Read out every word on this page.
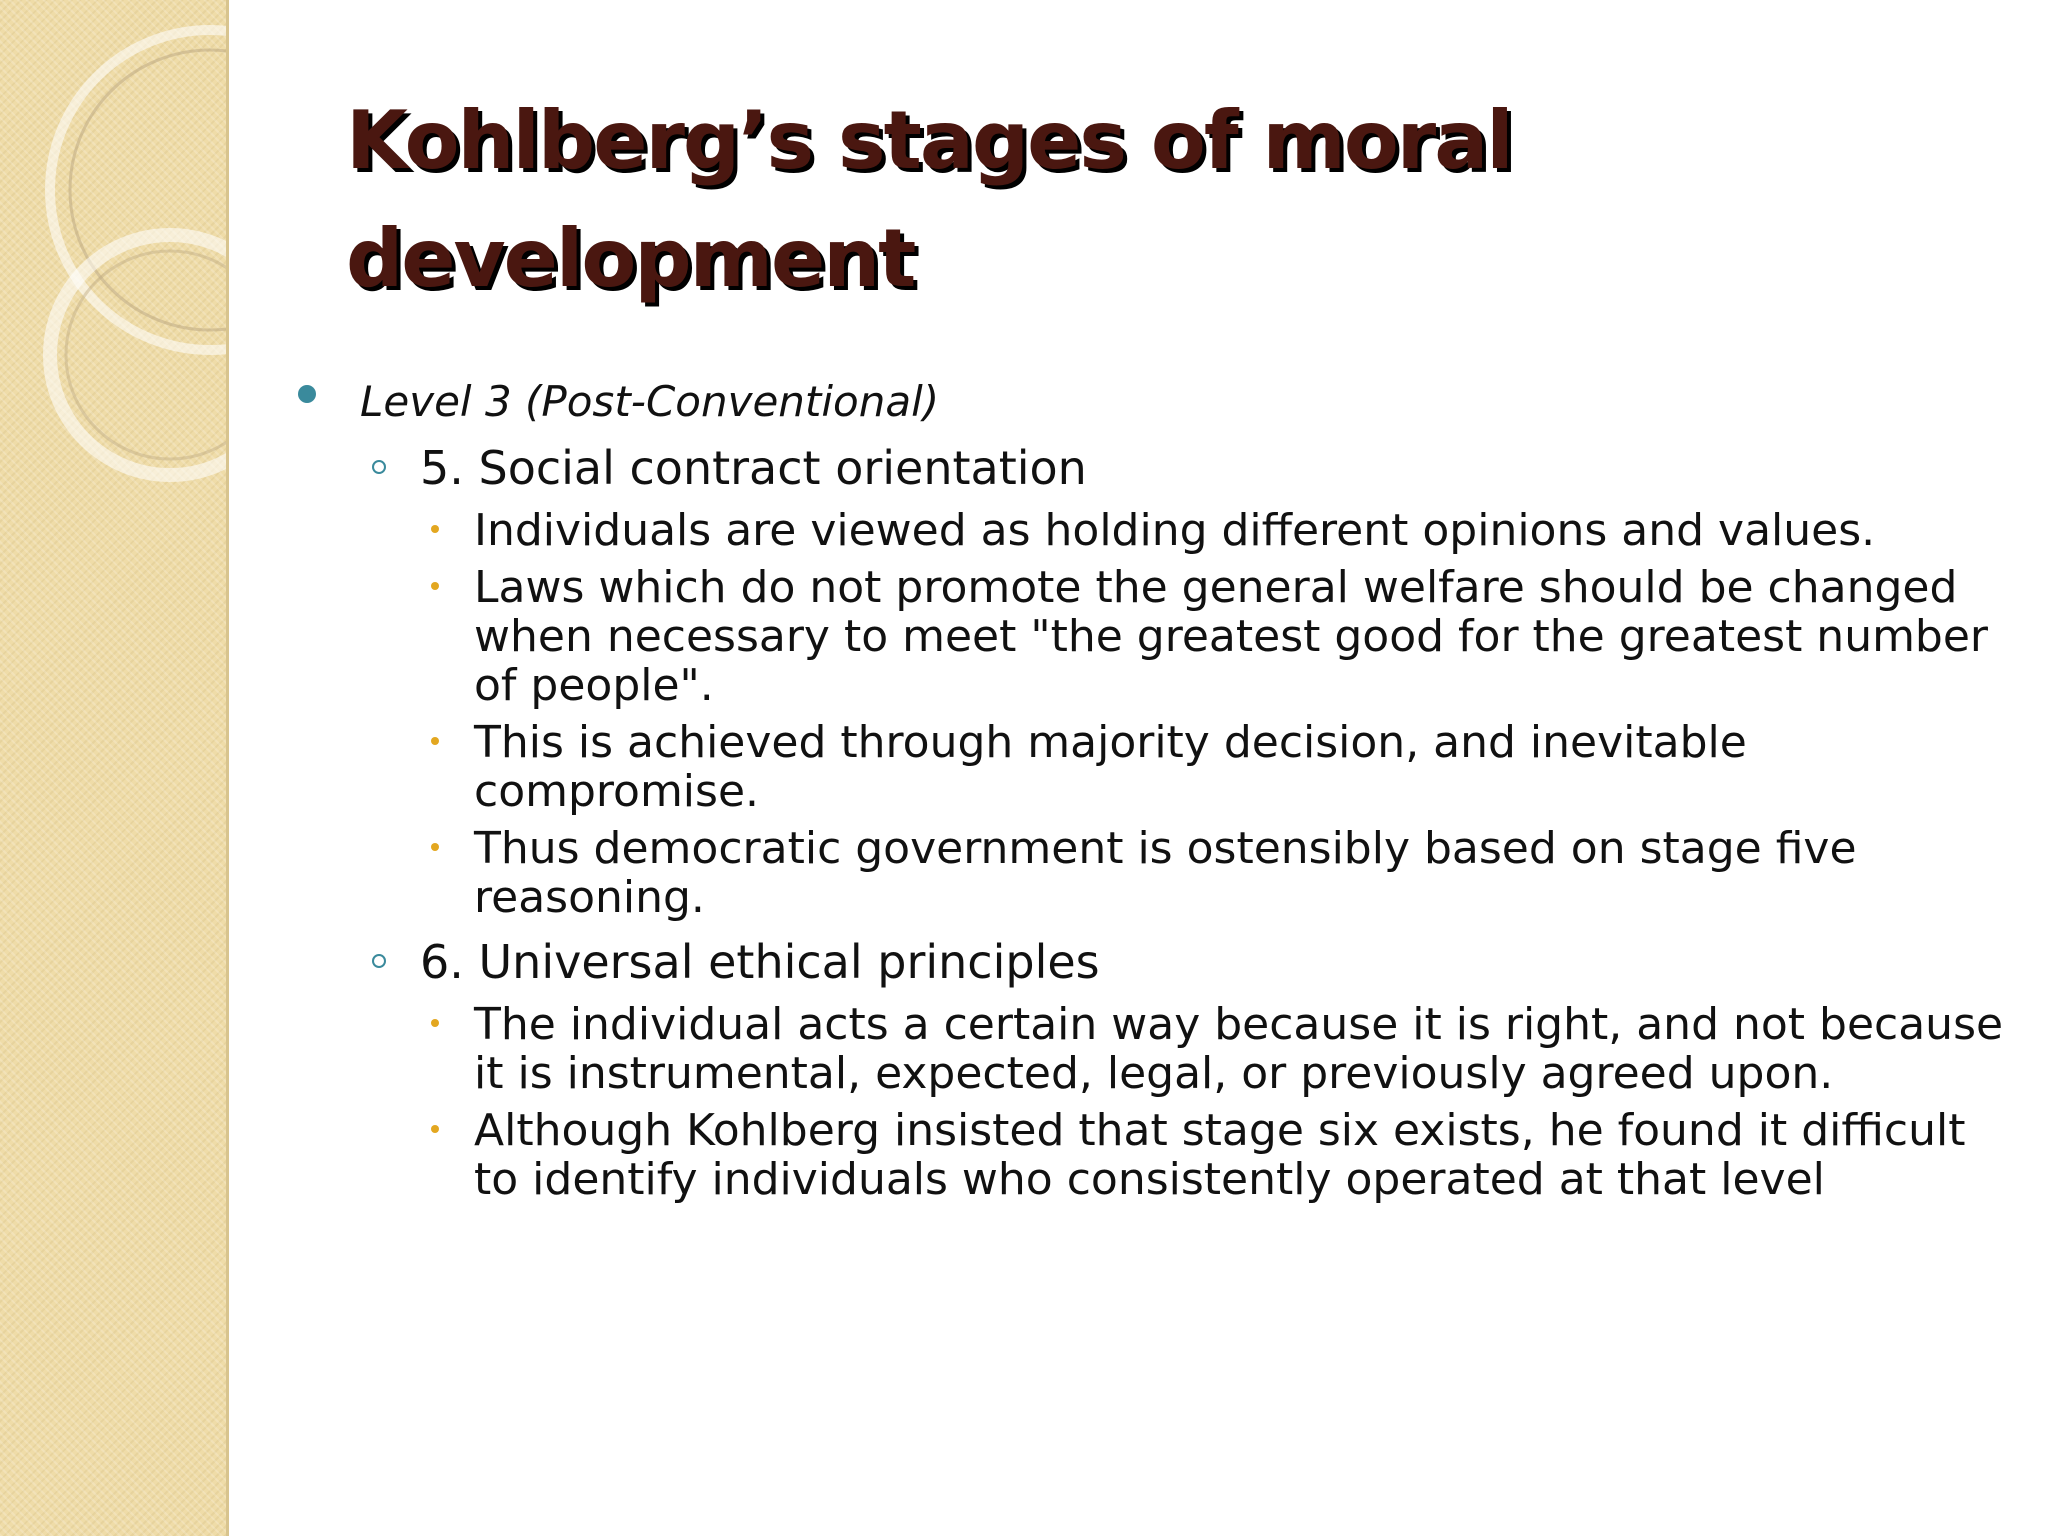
Kohlberg’s stages of moral development
Level 3 (Post-Conventional)
5. Social contract orientation
Individuals are viewed as holding different opinions and values.
Laws which do not promote the general welfare should be changed when necessary to meet "the greatest good for the greatest number of people".
This is achieved through majority decision, and inevitable compromise.
Thus democratic government is ostensibly based on stage five reasoning.
6. Universal ethical principles
The individual acts a certain way because it is right, and not because it is instrumental, expected, legal, or previously agreed upon.
Although Kohlberg insisted that stage six exists, he found it difficult to identify individuals who consistently operated at that level
